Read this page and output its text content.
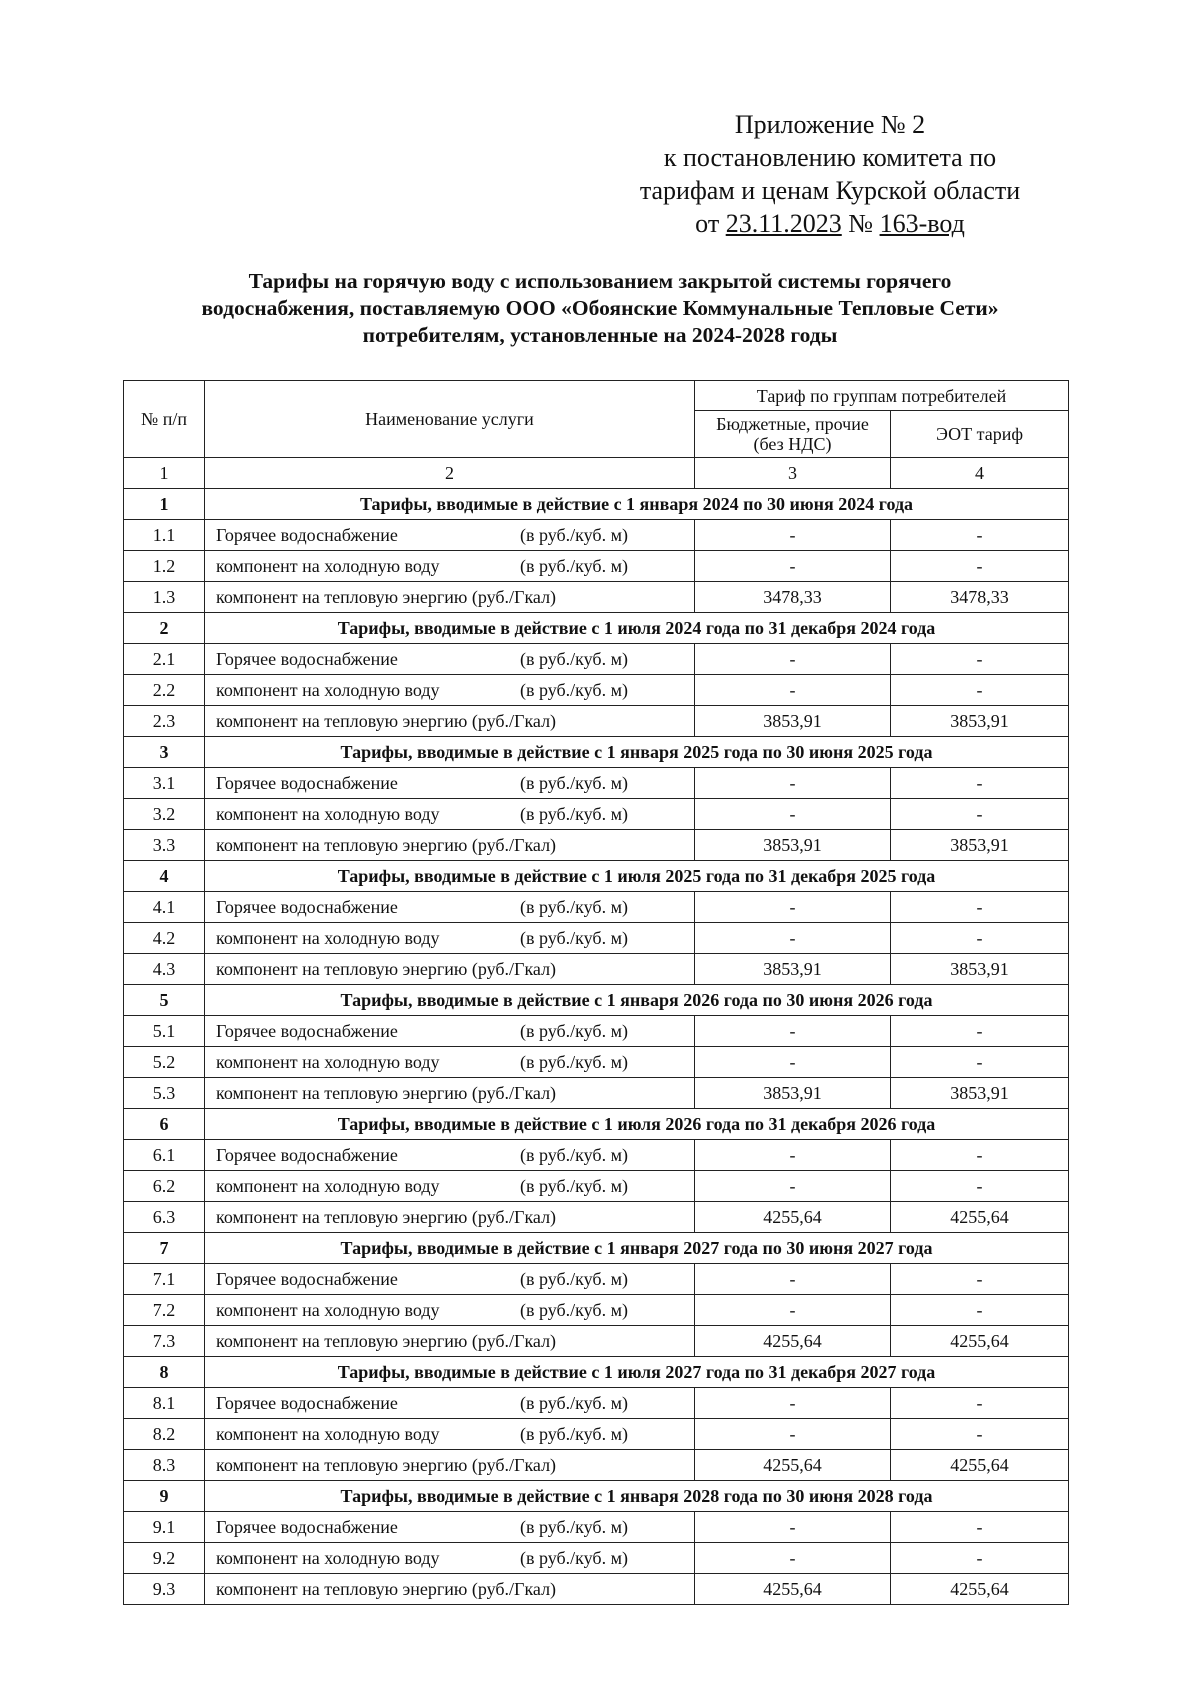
Приложение № 2
к постановлению комитета по
тарифам и ценам Курской области
от 23.11.2023 № 163-вод
Тарифы на горячую воду с использованием закрытой системы горячего
водоснабжения, поставляемую ООО «Обоянские Коммунальные Тепловые Сети»
потребителям, установленные на 2024-2028 годы
№ п/п	Наименование услуги	Тариф по группам потребителей	
		Бюджетные, прочие (без НДС)	ЭОТ тариф
1	2	3	4
1	Тарифы, вводимые в действие с 1 января 2024 по 30 июня 2024 года		
1.1	Горячее водоснабжение (в руб./куб. м)	-	-
1.2	компонент на холодную воду (в руб./куб. м)	-	-
1.3	компонент на тепловую энергию (руб./Гкал)	3478,33	3478,33
2	Тарифы, вводимые в действие с 1 июля 2024 года по 31 декабря 2024 года		
2.1	Горячее водоснабжение (в руб./куб. м)	-	-
2.2	компонент на холодную воду (в руб./куб. м)	-	-
2.3	компонент на тепловую энергию (руб./Гкал)	3853,91	3853,91
3	Тарифы, вводимые в действие с 1 января 2025 года по 30 июня 2025 года		
3.1	Горячее водоснабжение (в руб./куб. м)	-	-
3.2	компонент на холодную воду (в руб./куб. м)	-	-
3.3	компонент на тепловую энергию (руб./Гкал)	3853,91	3853,91
4	Тарифы, вводимые в действие с 1 июля 2025 года по 31 декабря 2025 года		
4.1	Горячее водоснабжение (в руб./куб. м)	-	-
4.2	компонент на холодную воду (в руб./куб. м)	-	-
4.3	компонент на тепловую энергию (руб./Гкал)	3853,91	3853,91
5	Тарифы, вводимые в действие с 1 января 2026 года по 30 июня 2026 года		
5.1	Горячее водоснабжение (в руб./куб. м)	-	-
5.2	компонент на холодную воду (в руб./куб. м)	-	-
5.3	компонент на тепловую энергию (руб./Гкал)	3853,91	3853,91
6	Тарифы, вводимые в действие с 1 июля 2026 года по 31 декабря 2026 года		
6.1	Горячее водоснабжение (в руб./куб. м)	-	-
6.2	компонент на холодную воду (в руб./куб. м)	-	-
6.3	компонент на тепловую энергию (руб./Гкал)	4255,64	4255,64
7	Тарифы, вводимые в действие с 1 января 2027 года по 30 июня 2027 года		
7.1	Горячее водоснабжение (в руб./куб. м)	-	-
7.2	компонент на холодную воду (в руб./куб. м)	-	-
7.3	компонент на тепловую энергию (руб./Гкал)	4255,64	4255,64
8	Тарифы, вводимые в действие с 1 июля 2027 года по 31 декабря 2027 года		
8.1	Горячее водоснабжение (в руб./куб. м)	-	-
8.2	компонент на холодную воду (в руб./куб. м)	-	-
8.3	компонент на тепловую энергию (руб./Гкал)	4255,64	4255,64
9	Тарифы, вводимые в действие с 1 января 2028 года по 30 июня 2028 года		
9.1	Горячее водоснабжение (в руб./куб. м)	-	-
9.2	компонент на холодную воду (в руб./куб. м)	-	-
9.3	компонент на тепловую энергию (руб./Гкал)	4255,64	4255,64
